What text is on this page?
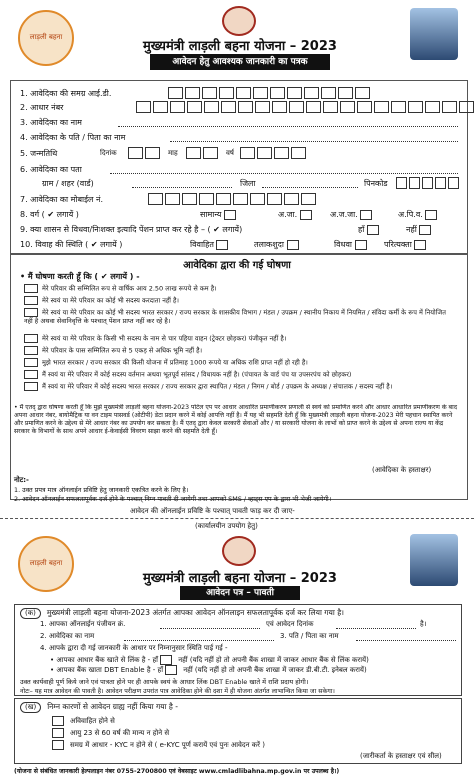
लाड़ली बहना
मुख्यमंत्री लाड़ली बहना योजना – 2023
आवेदन हेतु आवश्यक जानकारी का पत्रक
1. आवेदिका की समग्र आई.डी.
2. आधार नंबर
3. आवेदिका का नाम
4. आवेदिका के पति / पिता का नाम
5. जन्मतिथि	दिनांक	माह	वर्ष
6. आवेदिका का पता
ग्राम / शहर (वार्ड)	जिला	पिनकोड
7. आवेदिका का मोबाईल नं.
8. वर्ग ( ✔ लगायें )	सामान्य	अ.जा.	अ.ज.जा.	अ.पि.व.
9. क्या शासन से विधवा/निःशक्त इत्यादि पेंशन प्राप्त कर रहे है – ( ✔ लगायें)	हाँ	नहीं
10. विवाह की स्थिति ( ✔ लगायें )	विवाहित	तलाकशुदा	विधवा	परित्यक्ता
आवेदिका द्वारा की गई घोषणा
• मैं घोषणा करती हूँ कि ( ✔ लगायें ) -
मेरे परिवार की सम्मिलित रूप से वार्षिक आय 2.50 लाख रूपये से कम है।
मेरे स्वयं या मेरे परिवार का कोई भी सदस्य करदाता नहीं है।
मेरे स्वयं या मेरे परिवार का कोई भी सदस्य भारत सरकार / राज्य सरकार के शासकीय विभाग / मंडल / उपक्रम / स्थानीय निकाय में नियमित / संविदा कर्मी के रूप में नियोजित नहीं है अथवा सेवानिवृत्ति के पश्चात् पेंशन प्राप्त नहीं कर रहे है।
मेरे स्वयं या मेरे परिवार के किसी भी सदस्य के नाम से चार पहिया वाहन (ट्रेक्टर छोड़कर) पंजीकृत नहीं है।
मेरे परिवार के पास सम्मिलित रूप से 5 एकड़ से अधिक भूमि नहीं है।
मुझे भारत सरकार / राज्य सरकार की किसी योजना में प्रतिमाह 1000 रूपये या अधिक राशि प्राप्त नहीं हो रही है।
मैं स्वयं या मेरे परिवार में कोई सदस्य वर्तमान अथवा भूतपूर्व सांसद / विधायक नहीं है। (पंचायत के वार्ड पंच या उपसरपंच को छोड़कर)
मैं स्वयं या मेरे परिवार में कोई सदस्य भारत सरकार / राज्य सरकार द्वारा स्थापित / मंडल / निगम / बोर्ड / उपक्रम के अध्यक्ष / संचालक / सदस्य नहीं है।
• मैं एतद् द्वारा घोषणा करती हूँ कि मुझे मुख्यमंत्री लाड़ली बहना योजना-2023 पोर्टल एप पर आधार आधारित प्रमाणीकरण प्रणाली से स्वयं को प्रमाणित करने और आधार आधारित प्रमाणीकरण के बाद अपना आधार नंबर, बायोमैट्रिक या वन टाइम पासवर्ड (ओटीपी) डेटा प्रदान करने में कोई आपत्ति नहीं है। मैं यह भी सहमति देती हूँ कि मुख्यमंत्री लाड़ली बहना योजना-2023 मेरी पहचान स्थापित करने और प्रमाणित करने के उद्देश्य से मेरे आधार नंबर का उपयोग कर सकता है। मैं एतद् द्वारा केवल सरकारी सेवाओं और / या सरकारी योजना के लाभों को प्राप्त करने के उद्देश्य से अपना राज्य या केंद्र सरकार के विभागों के साथ अपने आधार ई-केवाईसी विवरण साझा करने की सहमति देती हूँ।
(आवेदिका के हस्ताक्षर)
नोट:-
1. उक्त प्रपत्र मात्र ऑनलाईन प्रविष्टि हेतु जानकारी एकत्रित करने के लिए है।
2. आवेदन ऑनलाईन सफलतापूर्वक दर्ज होने के पश्चात् निम्न पावती दी जायेगी तथा आपको SMS / व्हाट्स एप के द्वारा भी भेजी जायेगी।
आवेदन की ऑनलाईन प्रविष्टि के पश्चात् पावती फाड़ कर दी जाए-
(कार्यालयीन उपयोग हेतु)
लाड़ली बहना
मुख्यमंत्री लाड़ली बहना योजना – 2023
आवेदन पत्र – पावती
(क) मुख्यमंत्री लाड़ली बहना योजना-2023 अंतर्गत आपका आवेदन ऑनलाइन सफलतापूर्वक दर्ज कर लिया गया है।
1. आपका ऑनलाईन पंजीयन क्रं.	एवं आवेदन दिनांक	है।
2. आवेदिका का नाम	3. पति / पिता का नाम
4. आपके द्वारा दी गई जानकारी के आधार पर निम्नानुसार स्थिति पाई गई -
• आपका आधार बैंक खाते से लिंक है - हाँ	नहीं (यदि नहीं हो तो अपनी बैंक शाखा में जाकर आधार बैंक से लिंक करायें)
• आपका बैंक खाता DBT Enable है - हाँ	नहीं (यदि नहीं हो तो अपनी बैंक शाखा में जाकर डी.बी.टी. इनेबल करायें)
उक्त कार्यवाही पूर्ण किये जाने एवं पात्रता होने पर ही आपके स्वयं के आधार लिंक DBT Enable खाते में राशि प्रदाय होगी।
नोटः– यह मात्र आवेदन की पावती है। आवेदन परीक्षण उपरांत पात्र आवेदिका होने की दशा में ही योजना अंतर्गत लाभान्वित किया जा सकेगा।
(ख) निम्न कारणों से आवेदन ग्राह्य नहीं किया गया है -
अविवाहित होने से
आयु 23 से 60 वर्ष की मान्य न होने से
समग्र में आधार - KYC न होने से ( e-KYC पूर्ण करायें एवं पुनः आवेदन करें )
(जारीकर्ता के हस्ताक्षर एवं सील)
(योजना से संबंधित जानकारी हेल्पलाइन नंबर 0755-2700800 एवं वेबसाइट www.cmladlibahna.mp.gov.in पर उपलब्ध है।)
